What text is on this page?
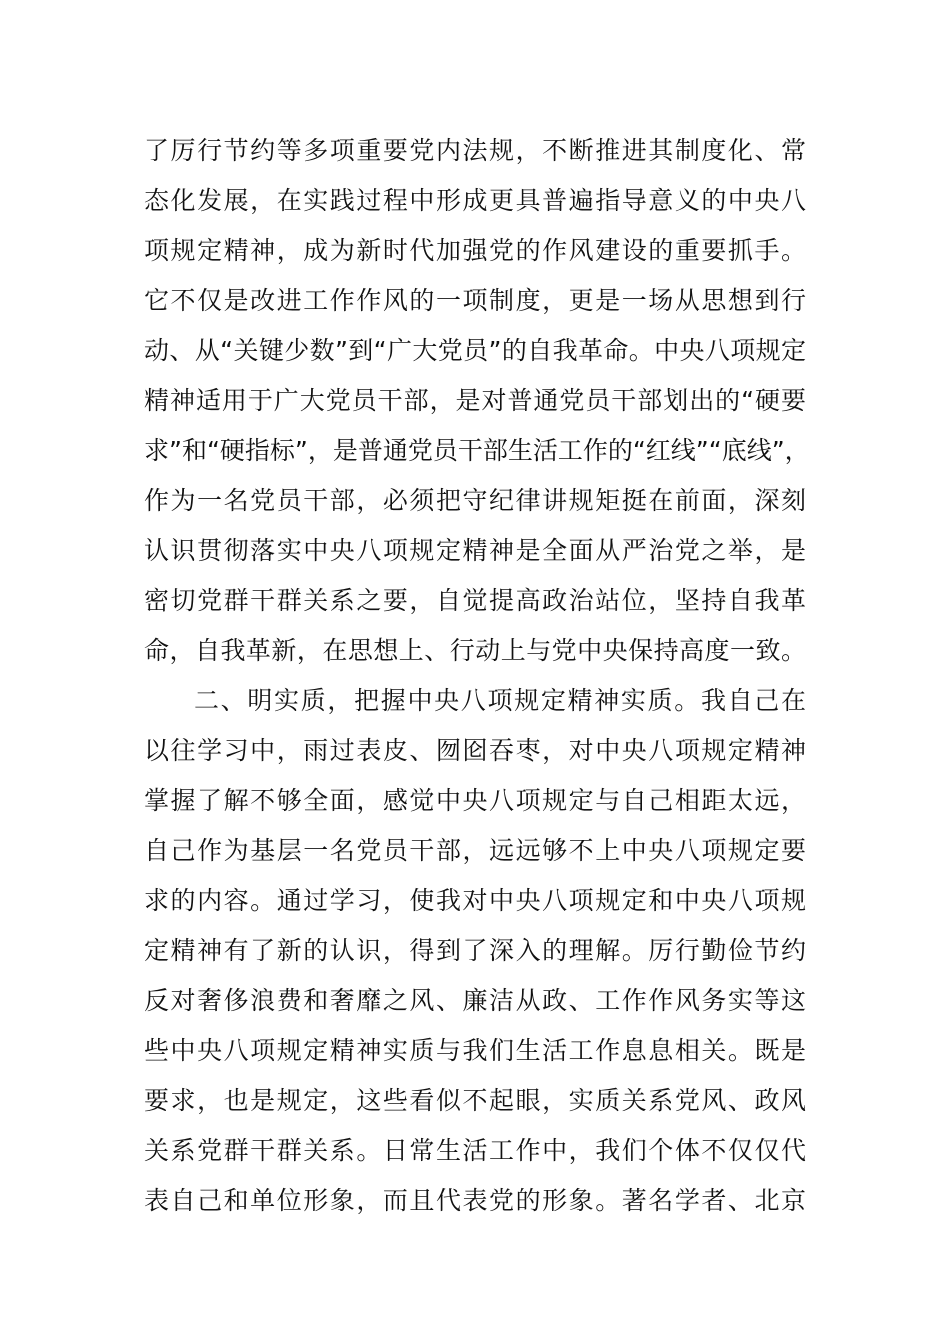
了厉行节约等多项重要党内法规，不断推进其制度化、常
态化发展，在实践过程中形成更具普遍指导意义的中央八
项规定精神，成为新时代加强党的作风建设的重要抓手。
它不仅是改进工作作风的一项制度，更是一场从思想到行
动、从“关键少数”到“广大党员”的自我革命。中央八项规定
精神适用于广大党员干部，是对普通党员干部划出的“硬要
求”和“硬指标”，是普通党员干部生活工作的“红线”“底线”，
作为一名党员干部，必须把守纪律讲规矩挺在前面，深刻
认识贯彻落实中央八项规定精神是全面从严治党之举，是
密切党群干群关系之要，自觉提高政治站位，坚持自我革
命，自我革新，在思想上、行动上与党中央保持高度一致。
二、明实质，把握中央八项规定精神实质。我自己在
以往学习中，雨过表皮、囫囵吞枣，对中央八项规定精神
掌握了解不够全面，感觉中央八项规定与自己相距太远，
自己作为基层一名党员干部，远远够不上中央八项规定要
求的内容。通过学习，使我对中央八项规定和中央八项规
定精神有了新的认识，得到了深入的理解。厉行勤俭节约
反对奢侈浪费和奢靡之风、廉洁从政、工作作风务实等这
些中央八项规定精神实质与我们生活工作息息相关。既是
要求，也是规定，这些看似不起眼，实质关系党风、政风
关系党群干群关系。日常生活工作中，我们个体不仅仅代
表自己和单位形象，而且代表党的形象。著名学者、北京
